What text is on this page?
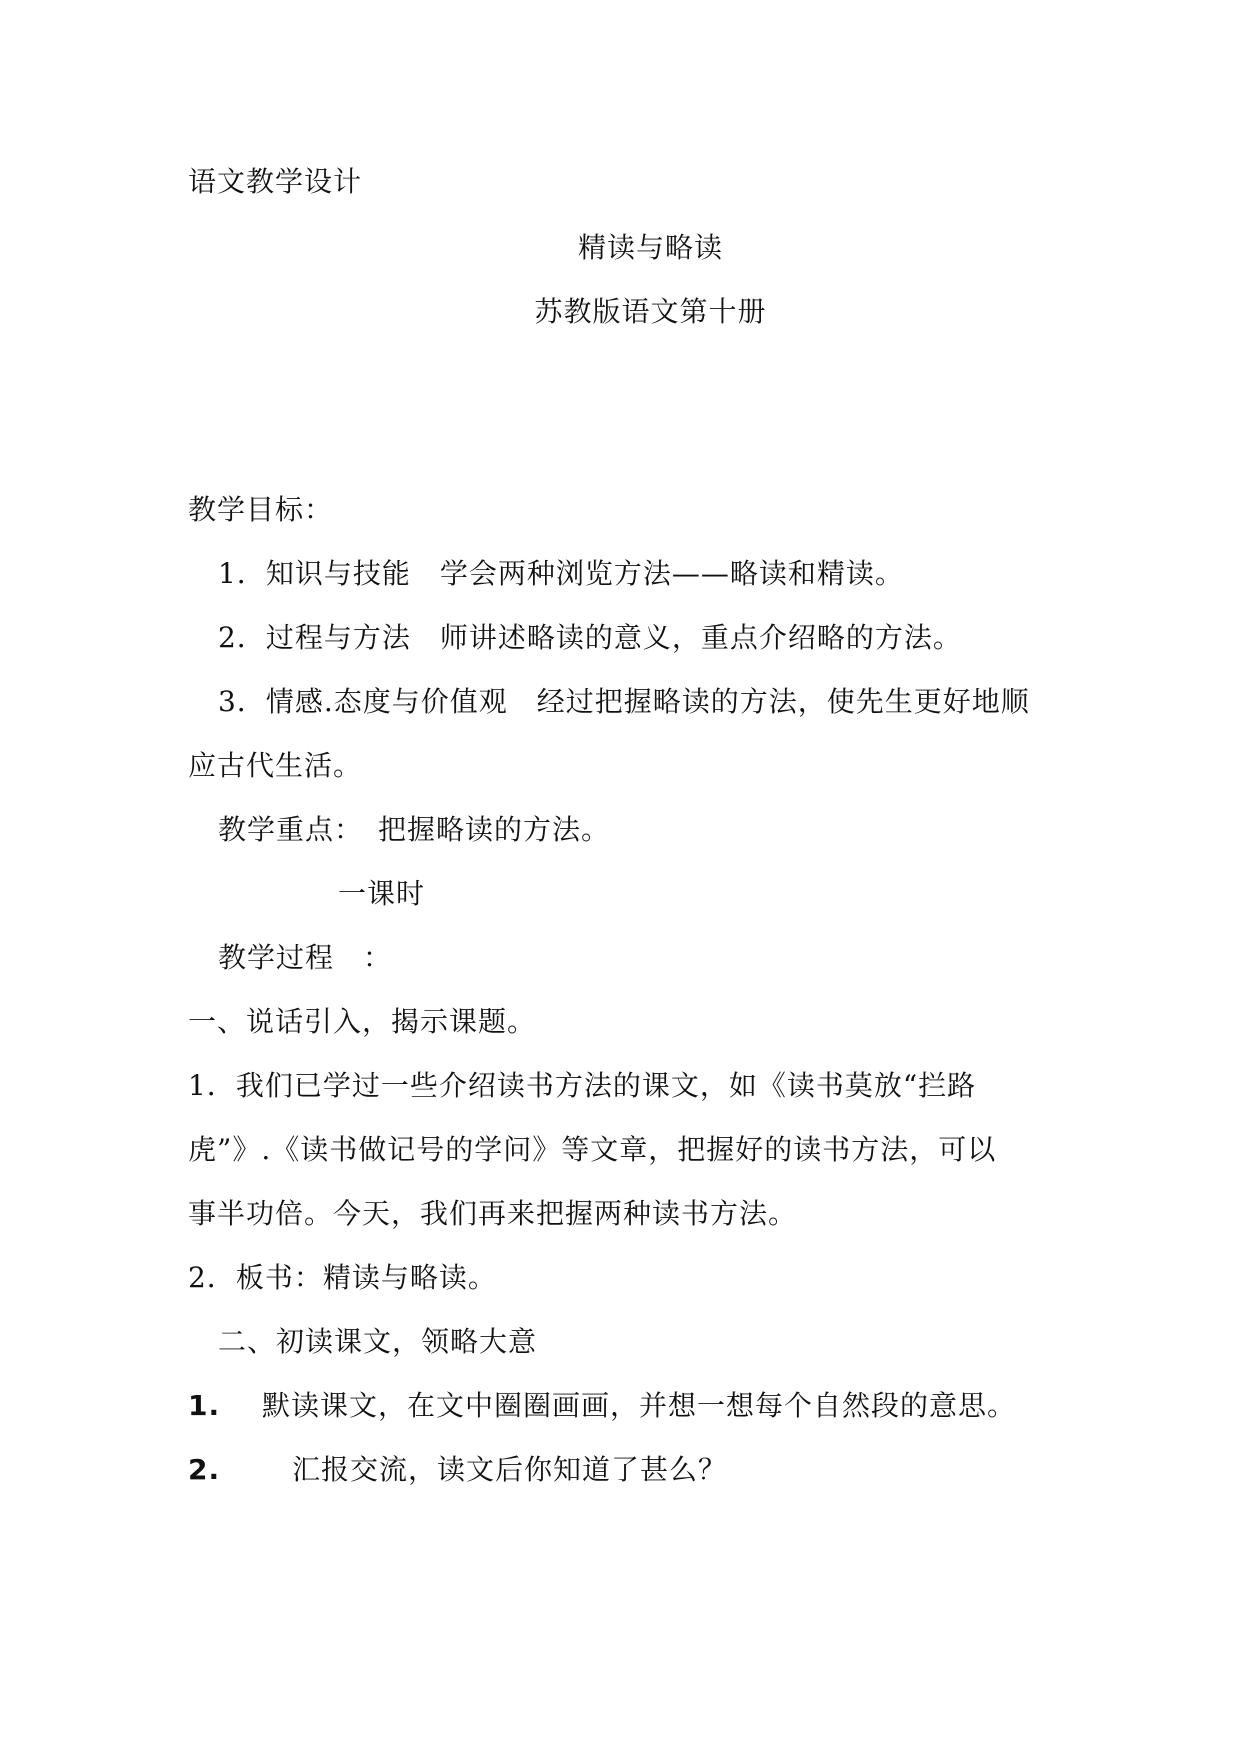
语文教学设计
精读与略读
苏教版语文第十册
教学目标：
1．知识与技能　学会两种浏览方法——略读和精读。
2．过程与方法　师讲述略读的意义，重点介绍略的方法。
3．情感.态度与价值观　经过把握略读的方法，使先生更好地顺
应古代生活。
教学重点：　把握略读的方法。
一课时
教学过程　：
一、说话引入，揭示课题。
1．我们已学过一些介绍读书方法的课文，如《读书莫放“拦路
虎”》.《读书做记号的学问》等文章，把握好的读书方法，可以
事半功倍。今天，我们再来把握两种读书方法。
2．板书：精读与略读。
二、初读课文，领略大意
1. 默读课文，在文中圈圈画画，并想一想每个自然段的意思。
2.	汇报交流，读文后你知道了甚么？
